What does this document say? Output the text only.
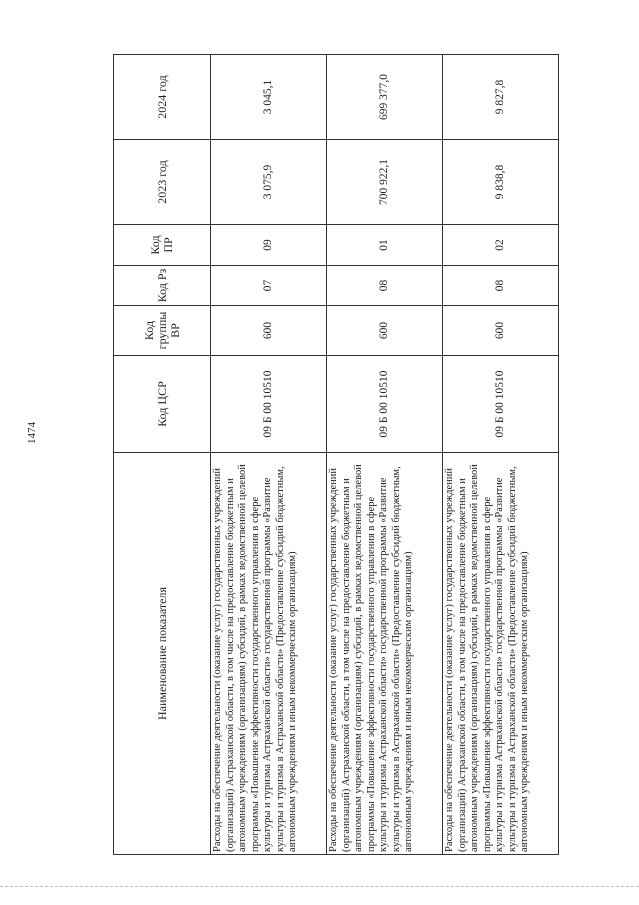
1474
Наименование показателя	Код ЦСР	Код группы ВР	Код Рз	Код ПР	2023 год	2024 год
Расходы на обеспечение деятельности (оказание услуг) государственных учреждений (организаций) Астраханской области, в том числе на предоставление бюджетным и автономным учреждениям (организациям) субсидий, в рамках ведомственной целевой программы «Повышение эффективности государственного управления в сфере культуры и туризма Астраханской области» государственной программы «Развитие культуры и туризма в Астраханской области» (Предоставление субсидий бюджетным, автономным учреждениям и иным некоммерческим организациям)	09 Б 00 10510	600	07	09	3 075,9	3 045,1
Расходы на обеспечение деятельности (оказание услуг) государственных учреждений (организаций) Астраханской области, в том числе на предоставление бюджетным и автономным учреждениям (организациям) субсидий, в рамках ведомственной целевой программы «Повышение эффективности государственного управления в сфере культуры и туризма Астраханской области» государственной программы «Развитие культуры и туризма в Астраханской области» (Предоставление субсидий бюджетным, автономным учреждениям и иным некоммерческим организациям)	09 Б 00 10510	600	08	01	700 922,1	699 377,0
Расходы на обеспечение деятельности (оказание услуг) государственных учреждений (организаций) Астраханской области, в том числе на предоставление бюджетным и автономным учреждениям (организациям) субсидий, в рамках ведомственной целевой программы «Повышение эффективности государственного управления в сфере культуры и туризма Астраханской области» государственной программы «Развитие культуры и туризма в Астраханской области» (Предоставление субсидий бюджетным, автономным учреждениям и иным некоммерческим организациям)	09 Б 00 10510	600	08	02	9 838,8	9 827,8
